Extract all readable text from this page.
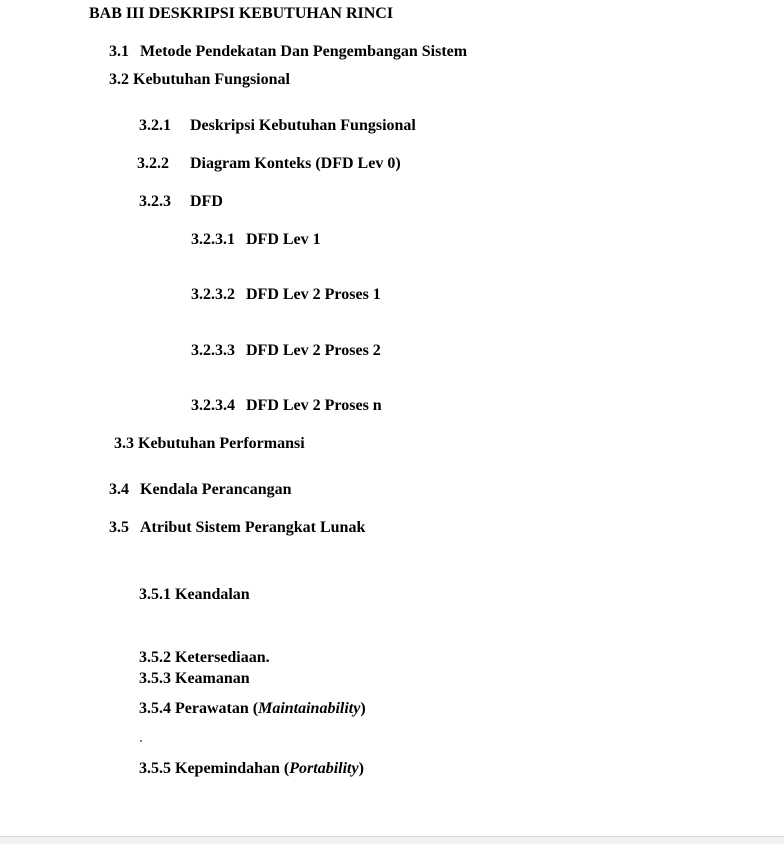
BAB III DESKRIPSI KEBUTUHAN RINCI
3.1 Metode Pendekatan Dan Pengembangan Sistem
3.2 Kebutuhan Fungsional
3.2.1 Deskripsi Kebutuhan Fungsional
3.2.2 Diagram Konteks (DFD Lev 0)
3.2.3 DFD
3.2.3.1 DFD Lev 1
3.2.3.2 DFD Lev 2 Proses 1
3.2.3.3 DFD Lev 2 Proses 2
3.2.3.4 DFD Lev 2 Proses n
3.3 Kebutuhan Performansi
3.4 Kendala Perancangan
3.5 Atribut Sistem Perangkat Lunak
3.5.1 Keandalan
3.5.2 Ketersediaan.
3.5.3 Keamanan
3.5.4 Perawatan (Maintainability)
3.5.5 Kepemindahan (Portability)
